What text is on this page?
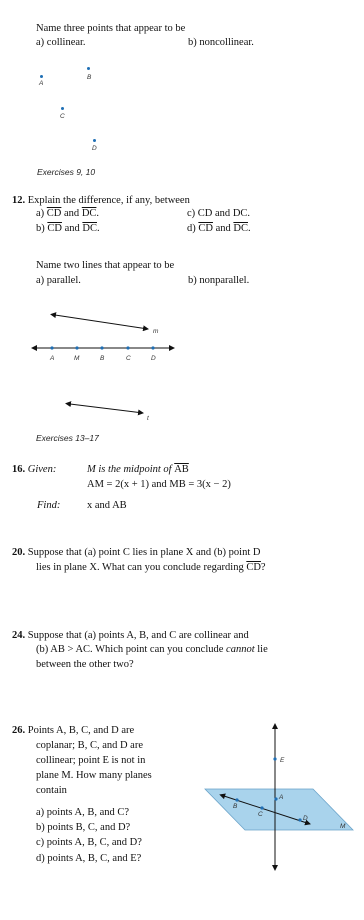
Name three points that appear to be
a) collinear.	b) noncollinear.
A
B
C
D
Exercises 9, 10
12. Explain the difference, if any, between
a) $\overline{CD}$ and $\overline{DC}$.
b) $\overline{CD}$ and $\overline{DC}$.
c) CD and DC.
d) $\overline{CD}$ and $\overline{DC}$.
Name two lines that appear to be
a) parallel.	b) nonparallel.
m
A	M	B	C	D
t
Exercises 13–17
16. Given:	M is the midpoint of $\overline{AB}$
AM = 2(x + 1) and MB = 3(x − 2)
Find:	x and AB
20. Suppose that (a) point C lies in plane X and (b) point D
lies in plane X. What can you conclude regarding $\overline{CD}$?
24. Suppose that (a) points A, B, and C are collinear and
(b) AB > AC. Which point can you conclude cannot lie
between the other two?
26. Points A, B, C, and D are
coplanar; B, C, and D are
collinear; point E is not in
plane M. How many planes
contain
a) points A, B, and C?
b) points B, C, and D?
c) points A, B, C, and D?
d) points A, B, C, and E?
E
A
B
C
D
M
